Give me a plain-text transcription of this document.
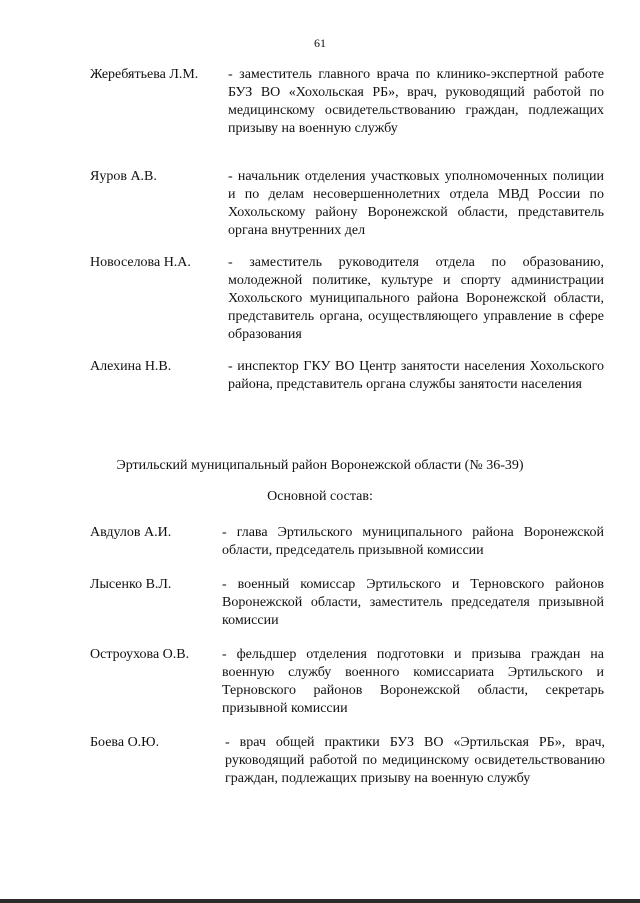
61
Жеребятьева Л.М. - заместитель главного врача по клинико-экспертной работе БУЗ ВО «Хохольская РБ», врач, руководящий работой по медицинскому освидетельствованию граждан, подлежащих призыву на военную службу
Яуров А.В.	- начальник отделения участковых уполномоченных полиции и по делам несовершеннолетних отдела МВД России по Хохольскому району Воронежской области, представитель органа внутренних дел
Новоселова Н.А.	- заместитель руководителя отдела по образованию, молодежной политике, культуре и спорту администрации Хохольского муниципального района Воронежской области, представитель органа, осуществляющего управление в сфере образования
Алехина Н.В.	- инспектор ГКУ ВО Центр занятости населения Хохольского района, представитель органа службы занятости населения
Эртильский муниципальный район Воронежской области (№ 36-39)
Основной состав:
Авдулов А.И.	- глава Эртильского муниципального района Воронежской области, председатель призывной комиссии
Лысенко В.Л.	- военный комиссар Эртильского и Терновского районов Воронежской области, заместитель председателя призывной комиссии
Остроухова О.В. - фельдшер отделения подготовки и призыва граждан на военную службу военного комиссариата Эртильского и Терновского районов Воронежской области, секретарь призывной комиссии
Боева О.Ю.	- врач общей практики БУЗ ВО «Эртильская РБ», врач, руководящий работой по медицинскому освидетельствованию граждан, подлежащих призыву на военную службу
